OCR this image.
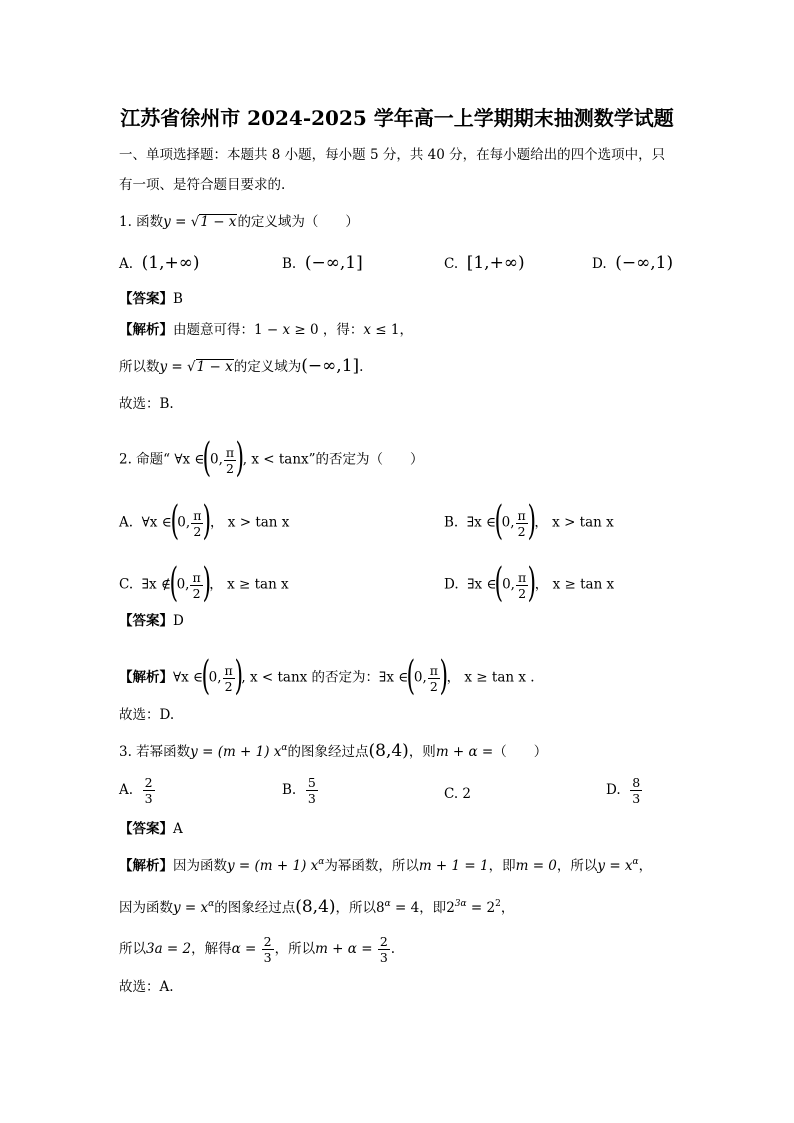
江苏省徐州市 2024-2025 学年高一上学期期末抽测数学试题
一、单项选择题：本题共 8 小题，每小题 5 分，共 40 分，在每小题给出的四个选项中，只
有一项、是符合题目要求的.
1. 函数y = √1 − x的定义域为（　　）
A. (1,+∞)	B. (−∞,1]	C. [1,+∞)	D. (−∞,1)
【答案】B
【解析】由题意可得：1 − x ≥ 0 ，得：x ≤ 1，
所以数y = √1 − x的定义域为(−∞,1].
故选：B.
2. 命题“ ∀x ∈(0, $\frac{\pi}{2}$ ), x < tanx”的否定为（　　）
A. ∀x ∈(0, $\frac{\pi}{2}$ )， x > tan x	B. ∃x ∈(0, $\frac{\pi}{2}$ )， x > tan x
C. ∃x ∉(0, $\frac{\pi}{2}$ )， x ≥ tan x	D. ∃x ∈(0, $\frac{\pi}{2}$ )， x ≥ tan x
【答案】D
【解析】∀x ∈(0, $\frac{\pi}{2}$ ), x < tanx 的否定为：∃x ∈(0, $\frac{\pi}{2}$ )， x ≥ tan x .
故选：D.
3. 若幂函数y = (m + 1) $x^\alpha$的图象经过点(8,4)，则m + α =（　　）
A. $\frac{2}{3}$	B. $\frac{5}{3}$	C. 2	D. $\frac{8}{3}$
【答案】A
【解析】因为函数y = (m + 1) $x^\alpha$为幂函数，所以m + 1 = 1，即m = 0，所以$y = x^\alpha$，
因为函数$y = x^\alpha$的图象经过点(8,4)，所以$8^\alpha = 4$，即$2^{3\alpha} = 2^2$，
所以3a = 2，解得$\alpha = \frac{2}{3}$ ，所以$m + \alpha = \frac{2}{3}$ .
故选：A.
